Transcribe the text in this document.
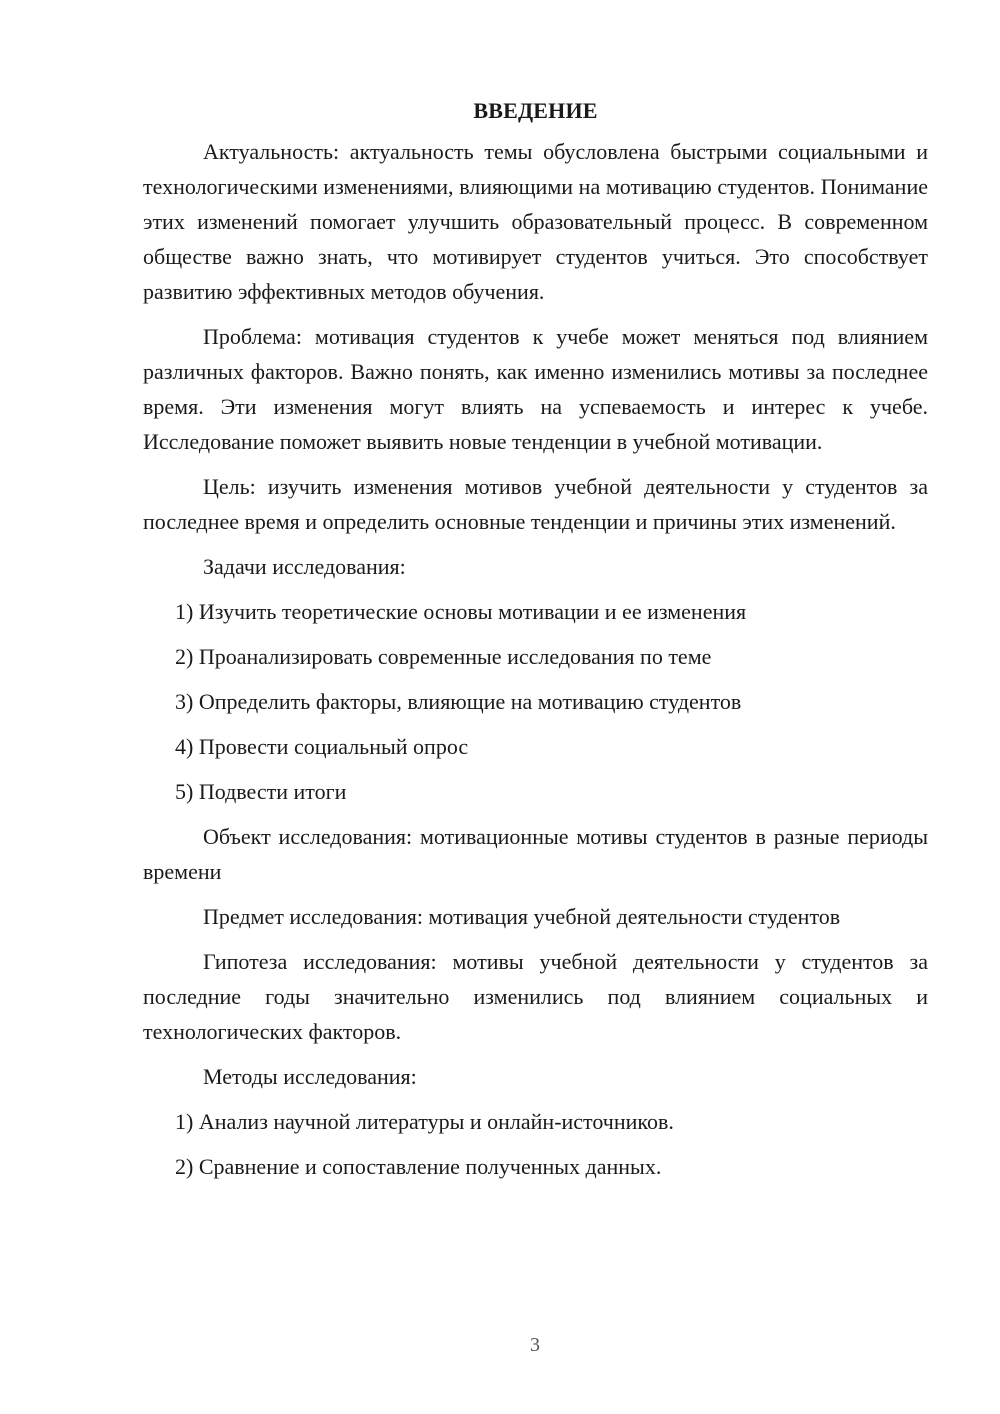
ВВЕДЕНИЕ

Актуальность: актуальность темы обусловлена быстрыми социальными и технологическими изменениями, влияющими на мотивацию студентов. Понимание этих изменений помогает улучшить образовательный процесс. В современном обществе важно знать, что мотивирует студентов учиться. Это способствует развитию эффективных методов обучения.

Проблема: мотивация студентов к учебе может меняться под влиянием различных факторов. Важно понять, как именно изменились мотивы за последнее время. Эти изменения могут влиять на успеваемость и интерес к учебе. Исследование поможет выявить новые тенденции в учебной мотивации.

Цель: изучить изменения мотивов учебной деятельности у студентов за последнее время и определить основные тенденции и причины этих изменений.

Задачи исследования:

1) Изучить теоретические основы мотивации и ее изменения

2) Проанализировать современные исследования по теме

3) Определить факторы, влияющие на мотивацию студентов

4) Провести социальный опрос

5) Подвести итоги

Объект исследования: мотивационные мотивы студентов в разные периоды времени

Предмет исследования: мотивация учебной деятельности студентов

Гипотеза исследования: мотивы учебной деятельности у студентов за последние годы значительно изменились под влиянием социальных и технологических факторов.

Методы исследования:

1) Анализ научной литературы и онлайн-источников.

2) Сравнение и сопоставление полученных данных.

3
